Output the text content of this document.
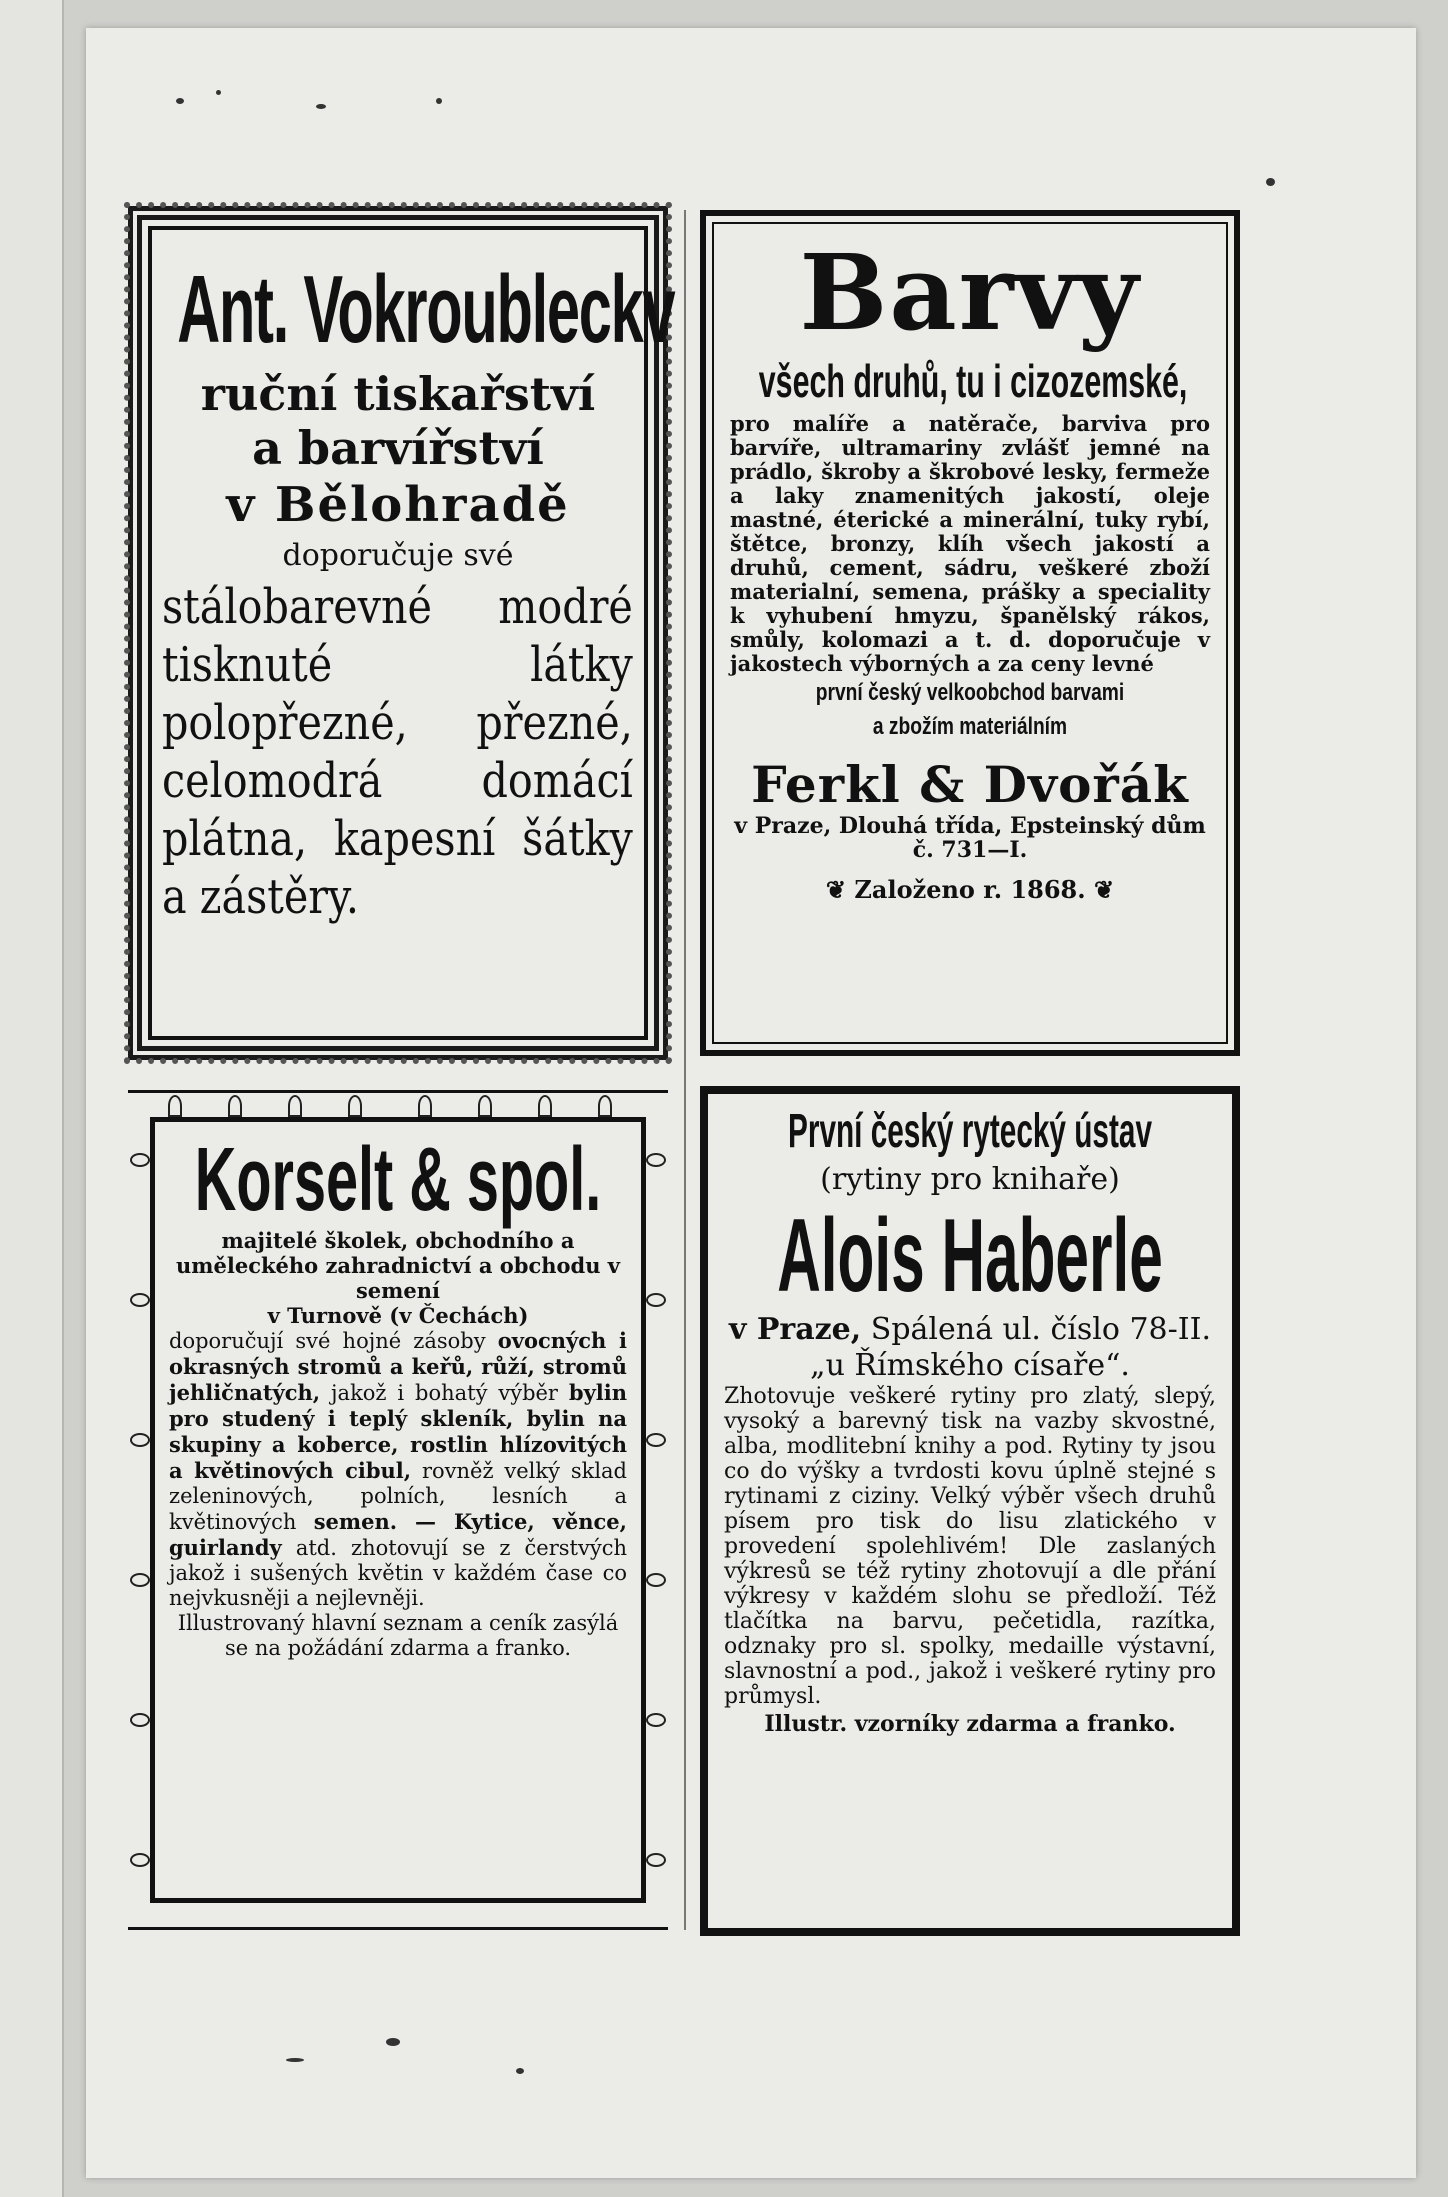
Ant. Vokroubleckv
ruční tiskařství
a barvířství
v Bělohradě
doporučuje své
stálobarevné modré tisknuté látky polopřezné, přezné, celomodrá domácí plátna, kapesní šátky a zástěry.
Barvy
všech druhů, tu i cizozemské,
pro malíře a natěrače, barviva pro barvíře, ultramariny zvlášť jemné na prádlo, škroby a škrobové lesky, fermeže a laky znamenitých jakostí, oleje mastné, éterické a minerální, tuky rybí, štětce, bronzy, klíh všech jakostí a druhů, cement, sádru, veškeré zboží materialní, semena, prášky a speciality k vyhubení hmyzu, španělský rákos, smůly, kolomazi a t. d. doporučuje v jakostech výborných a za ceny levné
první český velkoobchod barvami
a zbožím materiálním
Ferkl & Dvořák
v Praze, Dlouhá třída, Epsteinský dům č. 731—I.
❦ Založeno r. 1868. ❦
Korselt & spol.
majitelé školek, obchodního a uměleckého zahradnictví a obchodu v semení
v Turnově (v Čechách)
doporučují své hojné zásoby ovocných i okrasných stromů a keřů, růží, stromů jehličnatých, jakož i bohatý výběr bylin pro studený i teplý skleník, bylin na skupiny a koberce, rostlin hlízovitých a květinových cibul, rovněž velký sklad zeleninových, polních, lesních a květinových semen. — Kytice, věnce, guirlandy atd. zhotovují se z čerstvých jakož i sušených květin v každém čase co nejvkusněji a nejlevněji.
Illustrovaný hlavní seznam a ceník zasýlá se na požádání zdarma a franko.
První český rytecký ústav
(rytiny pro knihaře)
Alois Haberle
v Praze, Spálená ul. číslo 78-II. „u Římského císaře“.
Zhotovuje veškeré rytiny pro zlatý, slepý, vysoký a barevný tisk na vazby skvostné, alba, modlitební knihy a pod. Rytiny ty jsou co do výšky a tvrdosti kovu úplně stejné s rytinami z ciziny. Velký výběr všech druhů písem pro tisk do lisu zlatického v provedení spolehlivém! Dle zaslaných výkresů se též rytiny zhotovují a dle přání výkresy v každém slohu se předloží. Též tlačítka na barvu, pečetidla, razítka, odznaky pro sl. spolky, medaille výstavní, slavnostní a pod., jakož i veškeré rytiny pro průmysl.
Illustr. vzorníky zdarma a franko.
